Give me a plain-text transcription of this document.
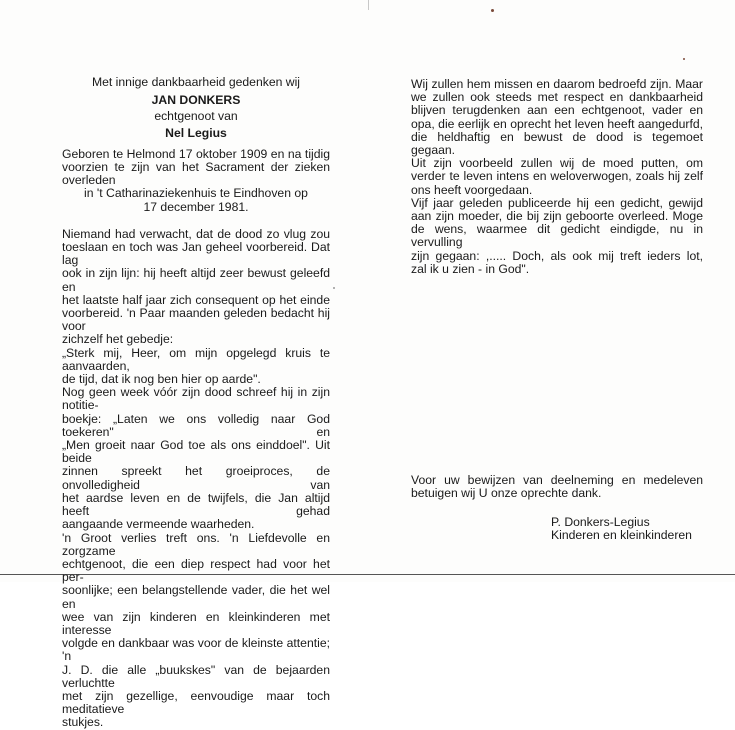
Met innige dankbaarheid gedenken wij
JAN DONKERS
echtgenoot van
Nel Legius
Geboren te Helmond 17 oktober 1909 en na tijdig
voorzien te zijn van het Sacrament der zieken overleden
in 't Catharinaziekenhuis te Eindhoven op
17 december 1981.
Niemand had verwacht, dat de dood zo vlug zou
toeslaan en toch was Jan geheel voorbereid. Dat lag
ook in zijn lijn: hij heeft altijd zeer bewust geleefd en
het laatste half jaar zich consequent op het einde
voorbereid. 'n Paar maanden geleden bedacht hij voor
zichzelf het gebedje:
„Sterk mij, Heer, om mijn opgelegd kruis te aanvaarden,
de tijd, dat ik nog ben hier op aarde".
Nog geen week vóór zijn dood schreef hij in zijn notitie-
boekje: „Laten we ons volledig naar God toekeren" en
„Men groeit naar God toe als ons einddoel". Uit beide
zinnen spreekt het groeiproces, de onvolledigheid van
het aardse leven en de twijfels, die Jan altijd heeft gehad
aangaande vermeende waarheden.
'n Groot verlies treft ons. 'n Liefdevolle en zorgzame
echtgenoot, die een diep respect had voor het per-
soonlijke; een belangstellende vader, die het wel en
wee van zijn kinderen en kleinkinderen met interesse
volgde en dankbaar was voor de kleinste attentie; 'n
J. D. die alle „buukskes" van de bejaarden verluchtte
met zijn gezellige, eenvoudige maar toch meditatieve
stukjes.
Wij zullen hem missen en daarom bedroefd zijn. Maar
we zullen ook steeds met respect en dankbaarheid
blijven terugdenken aan een echtgenoot, vader en
opa, die eerlijk en oprecht het leven heeft aangedurfd,
die heldhaftig en bewust de dood is tegemoet gegaan.
Uit zijn voorbeeld zullen wij de moed putten, om
verder te leven intens en weloverwogen, zoals hij zelf
ons heeft voorgedaan.
Vijf jaar geleden publiceerde hij een gedicht, gewijd
aan zijn moeder, die bij zijn geboorte overleed. Moge
de wens, waarmee dit gedicht eindigde, nu in vervulling
zijn gegaan: ,..... Doch, als ook mij treft ieders lot,
zal ik u zien - in God".
Voor uw bewijzen van deelneming en medeleven
betuigen wij U onze oprechte dank.
P. Donkers-Legius
Kinderen en kleinkinderen
